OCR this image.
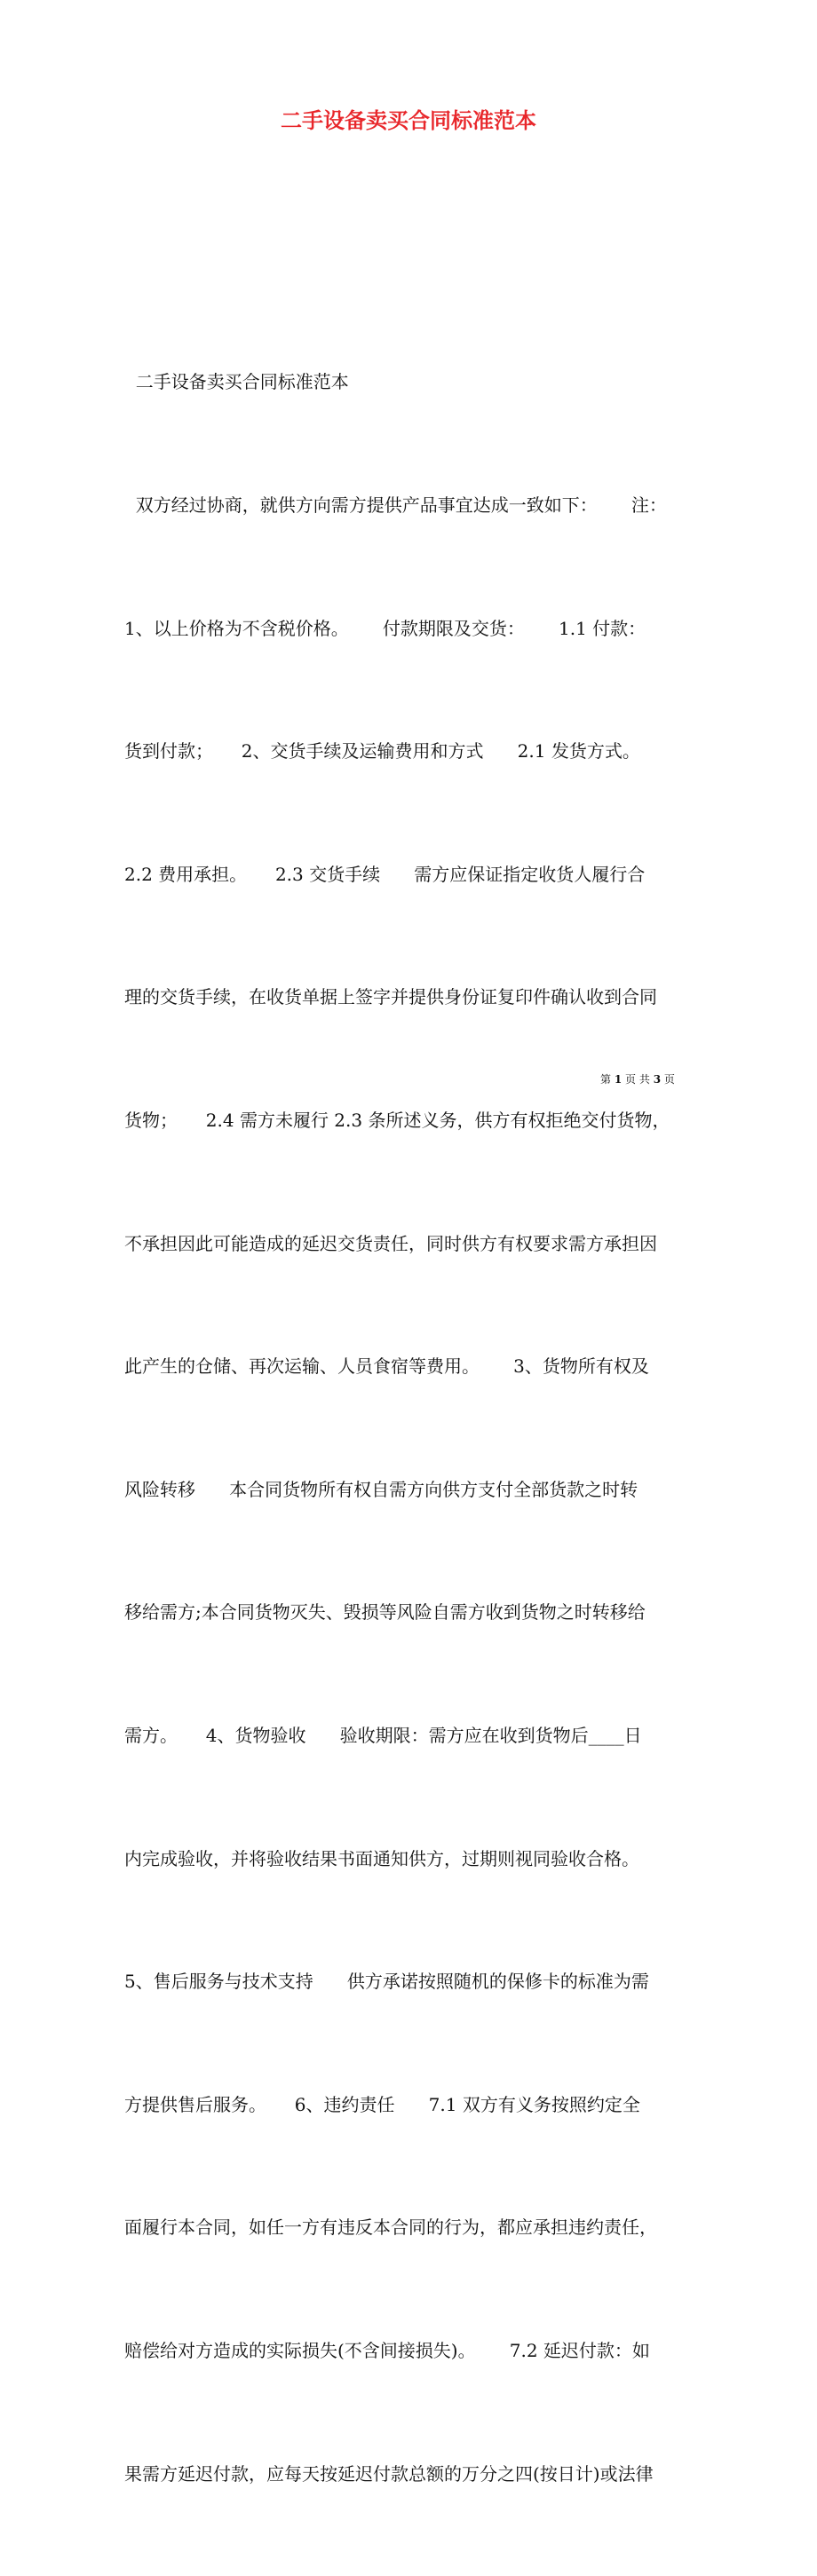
二手设备卖买合同标准范本

二手设备卖买合同标准范本

双方经过协商，就供方向需方提供产品事宜达成一致如下：      注：

1、以上价格为不含税价格。      付款期限及交货：      1.1 付款：

货到付款；     2、交货手续及运输费用和方式      2.1 发货方式。

2.2 费用承担。     2.3 交货手续      需方应保证指定收货人履行合

理的交货手续，在收货单据上签字并提供身份证复印件确认收到合同

货物；     2.4 需方未履行 2.3 条所述义务，供方有权拒绝交付货物，

不承担因此可能造成的延迟交货责任，同时供方有权要求需方承担因

此产生的仓储、再次运输、人员食宿等费用。      3、货物所有权及

风险转移      本合同货物所有权自需方向供方支付全部货款之时转

移给需方;本合同货物灭失、毁损等风险自需方收到货物之时转移给

需方。     4、货物验收      验收期限：需方应在收到货物后____日

内完成验收，并将验收结果书面通知供方，过期则视同验收合格。

5、售后服务与技术支持      供方承诺按照随机的保修卡的标准为需

方提供售后服务。     6、违约责任      7.1 双方有义务按照约定全

面履行本合同，如任一方有违反本合同的行为，都应承担违约责任，

赔偿给对方造成的实际损失(不含间接损失)。      7.2 延迟付款：如

果需方延迟付款，应每天按延迟付款总额的万分之四(按日计)或法律

第 1 页 共 3 页
